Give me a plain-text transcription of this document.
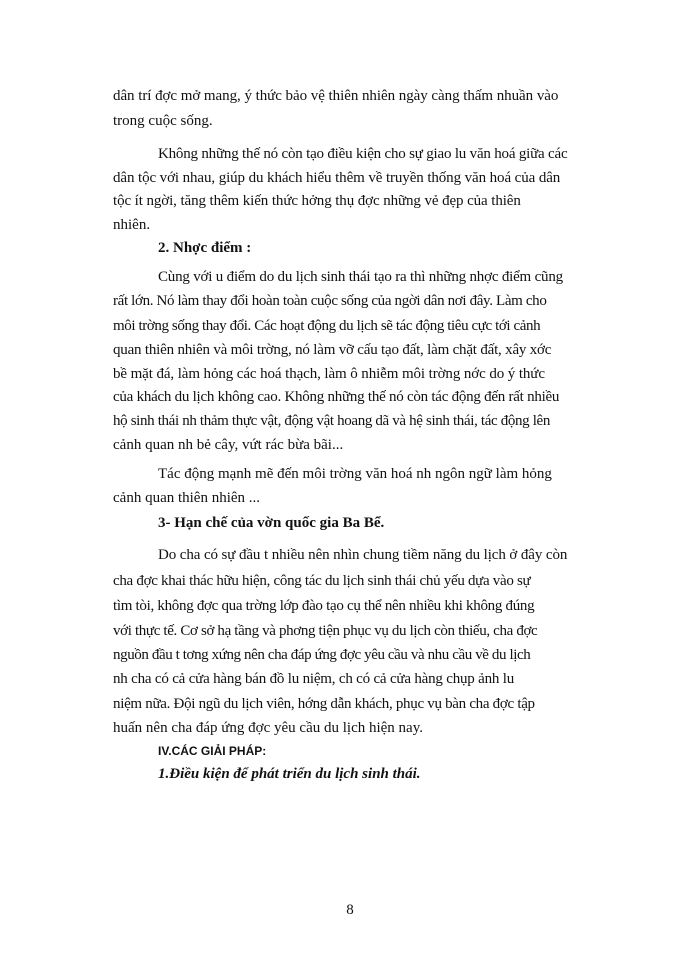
dân trí đợc mở mang, ý thức bảo vệ thiên nhiên ngày càng thấm nhuần vào
trong cuộc sống.
Không những thế nó còn tạo điều kiện cho sự giao lu văn hoá giữa các
dân tộc với nhau, giúp du khách hiểu thêm về truyền thống văn hoá của dân
tộc ít ngời, tăng thêm kiến thức hởng thụ đợc những vẻ đẹp của thiên
nhiên.
2. Nhợc điểm :
Cùng với u điểm do du lịch sinh thái tạo ra thì những nhợc điểm cũng
rất lớn. Nó làm thay đổi hoàn toàn cuộc sống của ngời dân nơi đây. Làm cho
môi trờng sống thay đổi. Các hoạt động du lịch sẽ tác động tiêu cực tới cảnh
quan thiên nhiên và môi trờng, nó làm vỡ cấu tạo đất, làm chặt đất, xây xớc
bề mặt đá, làm hỏng các hoá thạch, làm ô nhiễm môi trờng nớc do ý thức
của khách du lịch không cao. Không những thế nó còn tác động đến rất nhiều
hộ sinh thái nh thảm thực vật, động vật hoang dã và hệ sinh thái, tác động lên
cảnh quan nh bẻ cây, vứt rác bừa bãi...
Tác động mạnh mẽ đến môi trờng văn hoá nh ngôn ngữ làm hỏng
cảnh quan thiên nhiên ...
3- Hạn chế của vờn quốc gia Ba Bể.
Do cha có sự đầu t nhiều nên nhìn chung tiềm năng du lịch ở đây còn
cha đợc khai thác hữu hiện, công tác du lịch sinh thái chủ yếu dựa vào sự
tìm tòi, không đợc qua trờng lớp đào tạo cụ thể nên nhiều khi không đúng
với thực tế. Cơ sở hạ tầng và phơng tiện phục vụ du lịch còn thiếu, cha đợc
nguồn đầu t tơng xứng nên cha đáp ứng đợc yêu cầu và nhu cầu về du lịch
nh cha có cả cửa hàng bán đồ lu niệm, ch có cả cửa hàng chụp ảnh lu
niệm nữa. Đội ngũ du lịch viên, hớng dẫn khách, phục vụ bàn cha đợc tập
huấn nên cha đáp ứng đợc yêu cầu du lịch hiện nay.
IV.CÁC GIẢI PHÁP:
1.Điều kiện để phát triển du lịch sinh thái.
8
